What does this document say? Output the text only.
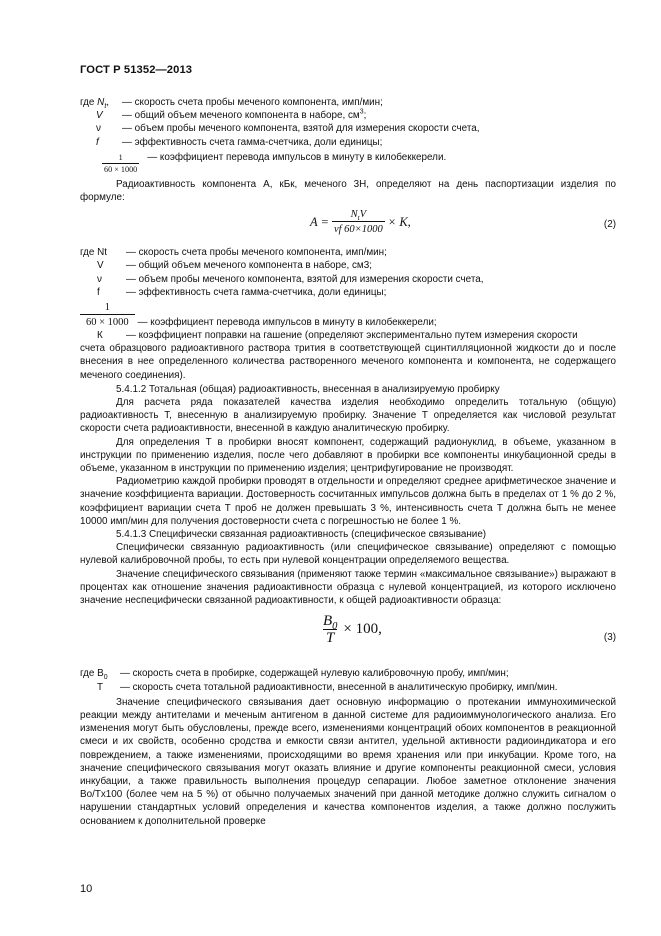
ГОСТ Р 51352—2013
где $N_t$,	— скорость счета пробы меченого компонента, имп/мин;
V	— общий объем меченого компонента в наборе, $см^3$;
ν	— объем пробы меченого компонента, взятой для измерения скорости счета,
f	— эффективность счета гамма-счетчика, доли единицы;
$\frac{1}{60 \times 1000}$ — коэффициент перевода импульсов в минуту в килобеккерели.

Радиоактивность компонента А, кБк, меченого 3Н, определяют на день паспортизации изделия по формуле:

$A = \frac{N_tV}{\nu f 60\times 1000} \times K$,	(2)
где Nt	— скорость счета пробы меченого компонента, имп/мин;
V	— общий объем меченого компонента в наборе, см3;
ν	— объем пробы меченого компонента, взятой для измерения скорости счета,
f	— эффективность счета гамма-счетчика, доли единицы;
$\frac{1}{60 \times 1000}$ — коэффициент перевода импульсов в минуту в килобеккерели;
К	— коэффициент поправки на гашение (определяют экспериментально путем измерения скорости

счета образцового радиоактивного раствора трития в соответствующей сцинтилляционной жидкости до и после внесения в нее определенного количества растворенного меченого компонента и компонента, не содержащего меченого соединения).

5.4.1.2 Тотальная (общая) радиоактивность, внесенная в анализируемую пробирку

Для расчета ряда показателей качества изделия необходимо определить тотальную (общую) радиоактивность Т, внесенную в анализируемую пробирку. Значение Т определяется как числовой результат скорости счета радиоактивности, внесенной в каждую аналитическую пробирку.

Для определения Т в пробирки вносят компонент, содержащий радионуклид, в объеме, указанном в инструкции по применению изделия, после чего добавляют в пробирки все компоненты инкубационной среды в объеме, указанном в инструкции по применению изделия; центрифугирование не производят.

Радиометрию каждой пробирки проводят в отдельности и определяют среднее арифметическое значение и значение коэффициента вариации. Достоверность сосчитанных импульсов должна быть в пределах от 1 % до 2 %, коэффициент вариации счета Т проб не должен превышать 3 %, интенсивность счета Т должна быть не менее 10000 имп/мин для получения достоверности счета с погрешностью не более 1 %.

5.4.1.3 Специфически связанная радиоактивность (специфическое связывание)

Специфически связанную радиоактивность (или специфическое связывание) определяют с помощью нулевой калибровочной пробы, то есть при нулевой концентрации определяемого вещества.

Значение специфического связывания (применяют также термин «максимальное связывание») выражают в процентах как отношение значения радиоактивности образца с нулевой концентрацией, из которого исключено значение неспецифически связанной радиоактивности, к общей радиоактивности образца:

$\frac{B_0}{T} \times 100$,
(3)
где $B_0$	— скорость счета в пробирке, содержащей нулевую калибровочную пробу, имп/мин;
T	— скорость счета тотальной радиоактивности, внесенной в аналитическую пробирку, имп/мин.

Значение специфического связывания дает основную информацию о протекании иммунохимической реакции между антителами и меченым антигеном в данной системе для радиоиммунологического анализа. Его изменения могут быть обусловлены, прежде всего, изменениями концентраций обоих компонентов в реакционной смеси и их свойств, особенно сродства и емкости связи антител, удельной активности радиоиндикатора и его повреждением, а также изменениями, происходящими во время хранения или при инкубации. Кроме того, на значение специфического связывания могут оказать влияние и другие компоненты реакционной смеси, условия инкубации, а также правильность выполнения процедур сепарации. Любое заметное отклонение значения Bo/Tx100 (более чем на 5 %) от обычно получаемых значений при данной методике должно служить сигналом о нарушении стандартных условий определения и качества компонентов изделия, а также должно послужить основанием к дополнительной проверке

10
